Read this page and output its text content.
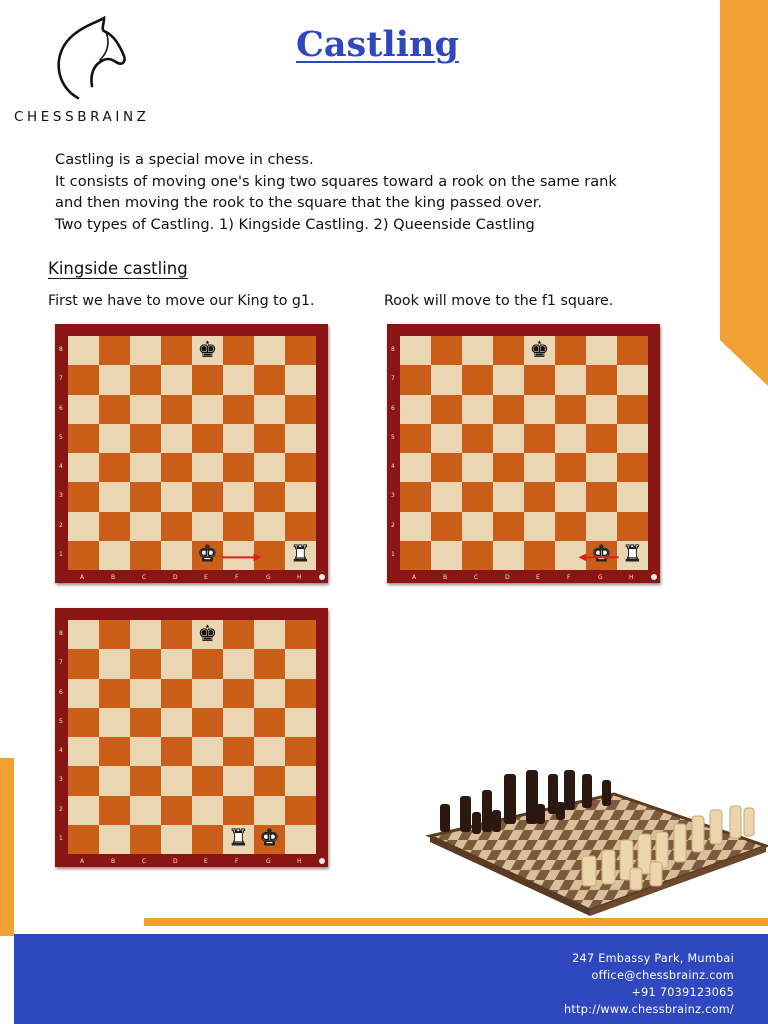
CHESSBRAINZ
Castling
Castling is a special move in chess.
It consists of moving one's king two squares toward a rook on the same rank
and then moving the rook to the square that the king passed over.
Two types of Castling. 1) Kingside Castling. 2) Queenside Castling
Kingside castling
First we have to move our King to g1.	Rook will move to the f1 square.
8
7
6
5
4
3
2
1
A	B	C	D	E	F	G	H
♚
♚	♜
8
7
6
5
4
3
2
1
A	B	C	D	E	F	G	H
♚
♚ ♜
8
7
6
5
4
3
2
1
A	B	C	D	E	F	G	H
♚
♜ ♚
247 Embassy Park, Mumbai
office@chessbrainz.com
+91 7039123065
http://www.chessbrainz.com/
